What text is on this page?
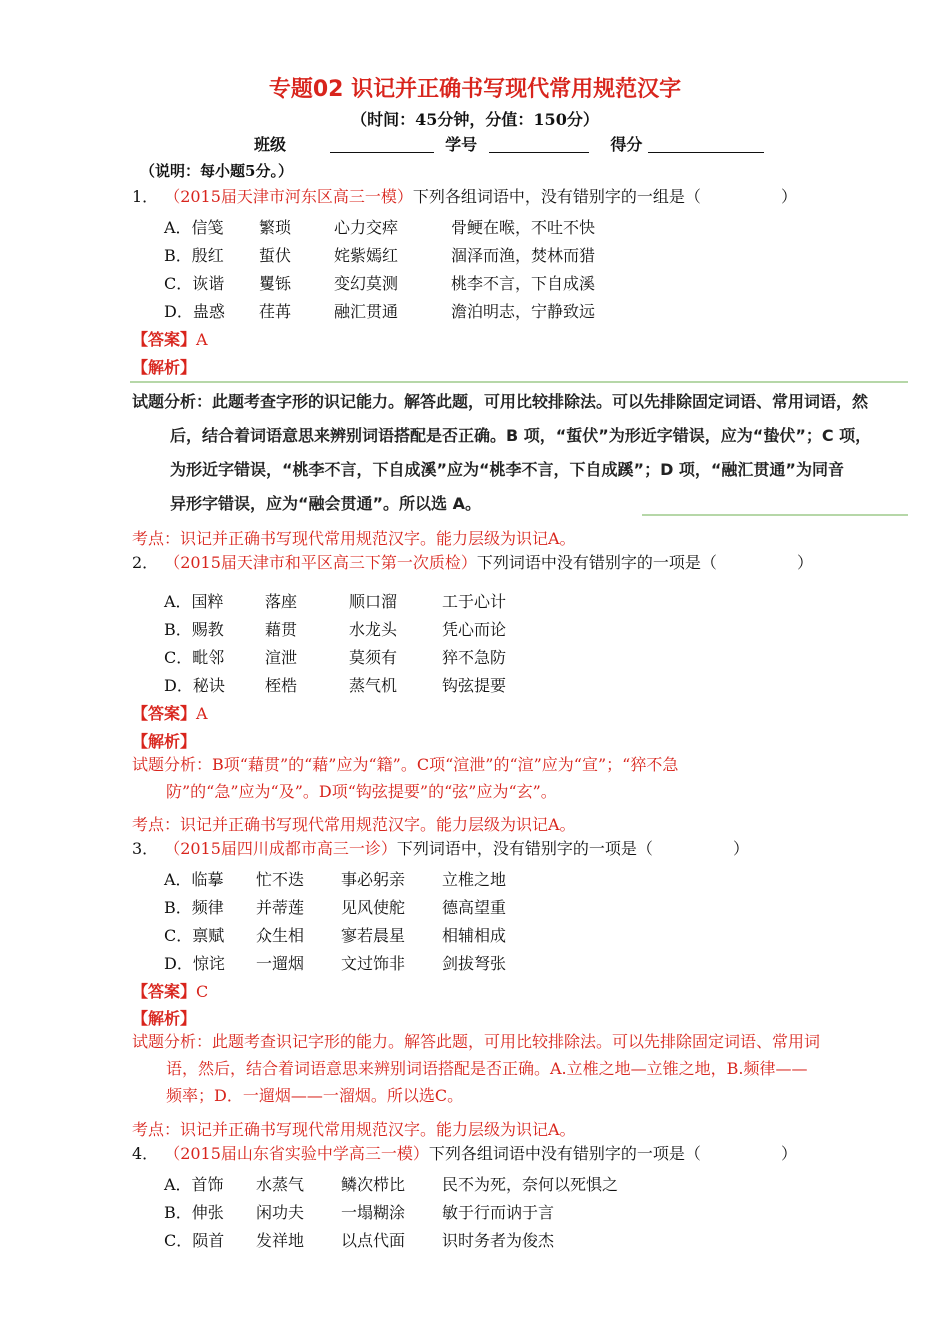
专题02 识记并正确书写现代常用规范汉字
（时间：45分钟，分值：150分）
班级	学号	得分
（说明：每小题5分。）
1． （2015届天津市河东区高三一模）下列各组词语中，没有错别字的一组是（	）
A．信笺 繁琐	心力交瘁	骨鲠在喉，不吐不快
B．殷红 蜇伏	姹紫嫣红	涸泽而渔，焚林而猎
C．诙谐 矍铄	变幻莫测	桃李不言，下自成溪
D．蛊惑 荏苒	融汇贯通	澹泊明志，宁静致远
【答案】A
【解析】

试题分析：此题考查字形的识记能力。解答此题，可用比较排除法。可以先排除固定词语、常用词语，然

后，结合着词语意思来辨别词语搭配是否正确。B 项，“蜇伏”为形近字错误，应为“蛰伏”；C 项，

为形近字错误，“桃李不言，下自成溪”应为“桃李不言，下自成蹊”；D 项，“融汇贯通”为同音

异形字错误，应为“融会贯通”。所以选 A。

考点：识记并正确书写现代常用规范汉字。能力层级为识记A。
2． （2015届天津市和平区高三下第一次质检）下列词语中没有错别字的一项是（	）
A．国粹	落座	顺口溜	工于心计
B．赐教	藉贯	水龙头	凭心而论
C．毗邻	渲泄	莫须有	猝不急防
D．秘诀	桎梏	蒸气机	钩弦提要
【答案】A
【解析】
试题分析：B项“藉贯”的“藉”应为“籍”。C项“渲泄”的“渲”应为“宣”；“猝不急
防”的“急”应为“及”。D项“钩弦提要”的“弦”应为“玄”。
考点：识记并正确书写现代常用规范汉字。能力层级为识记A。
3． （2015届四川成都市高三一诊）下列词语中，没有错别字的一项是（	）
A．临摹 忙不迭 事必躬亲 立椎之地
B．频律 并蒂莲 见风使舵 德高望重
C．禀赋 众生相 寥若晨星 相辅相成
D．惊诧 一遛烟 文过饰非 剑拔弩张
【答案】C
【解析】
试题分析：此题考查识记字形的能力。解答此题，可用比较排除法。可以先排除固定词语、常用词
语，然后，结合着词语意思来辨别词语搭配是否正确。A.立椎之地—立锥之地，B.频律——
频率；D．一遛烟——一溜烟。所以选C。
考点：识记并正确书写现代常用规范汉字。能力层级为识记A。
4． （2015届山东省实验中学高三一模）下列各组词语中没有错别字的一项是（	）
A．首饰 水蒸气 鳞次栉比 民不为死，奈何以死惧之
B．伸张 闲功夫 一塌糊涂 敏于行而讷于言
C．陨首 发祥地 以点代面 识时务者为俊杰
